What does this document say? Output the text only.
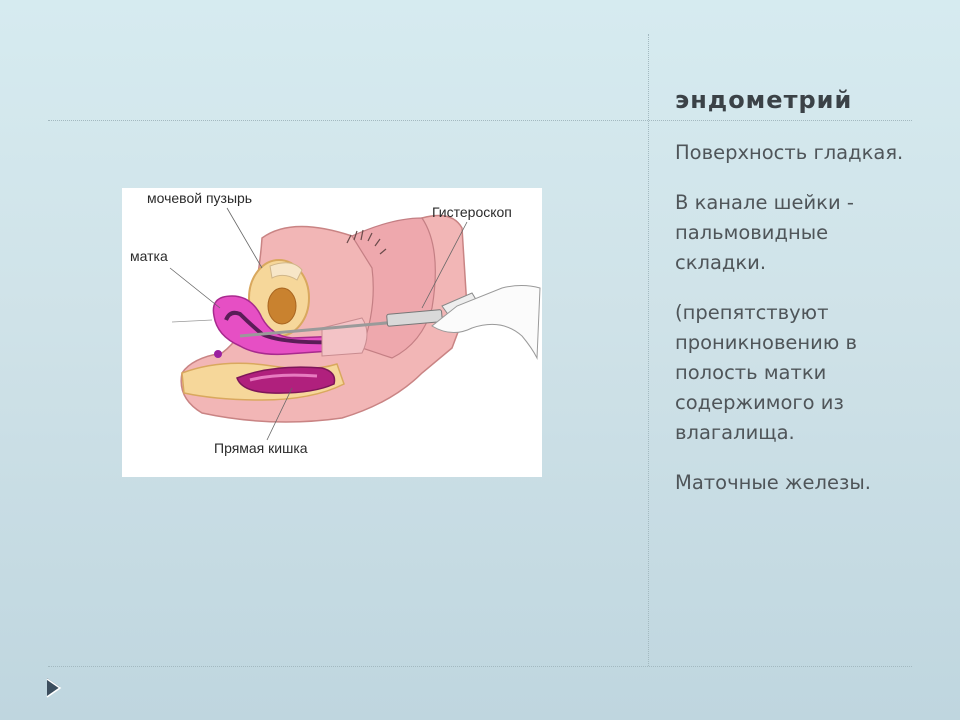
эндометрий

Поверхность гладкая.

В канале шейки - пальмовидные складки.

(препятствуют проникновению в полость матки содержимого из влагалища.

Маточные железы.

мочевой пузырь
матка
Гистероскоп
Прямая кишка
